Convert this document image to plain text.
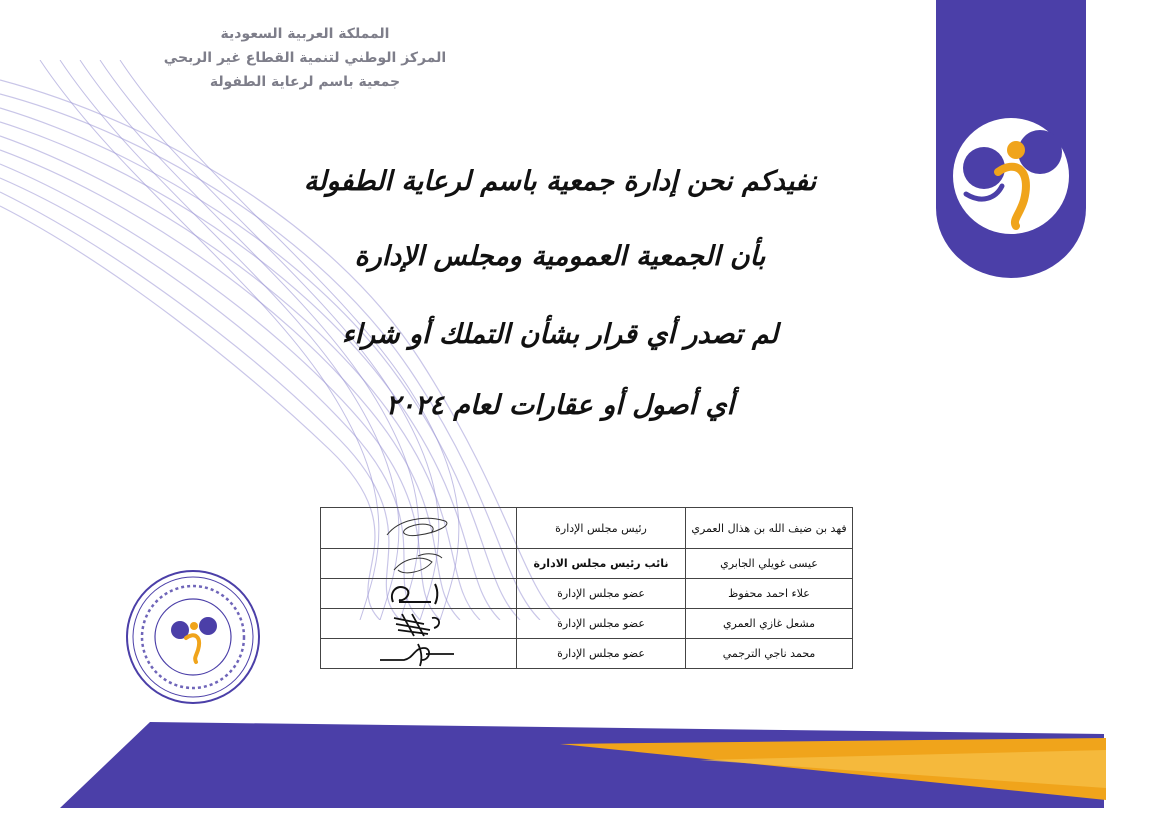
المملكة العربية السعودية
المركز الوطني لتنمية القطاع غير الربحي
جمعية باسم لرعاية الطفولة
نفيدكم نحن إدارة جمعية باسم لرعاية الطفولة
بأن الجمعية العمومية ومجلس الإدارة
لم تصدر أي قرار بشأن التملك أو شراء
أي أصول أو عقارات لعام ٢٠٢٤
فهد بن ضيف الله بن هذال العمري	رئيس مجلس الإدارة	

عيسى غويلي الجابري	نائب رئيس مجلس الادارة	

علاء احمد محفوظ	عضو مجلس الإدارة	

مشعل غازي العمري	عضو مجلس الإدارة	

محمد ناجي الترجمي	عضو مجلس الإدارة	
